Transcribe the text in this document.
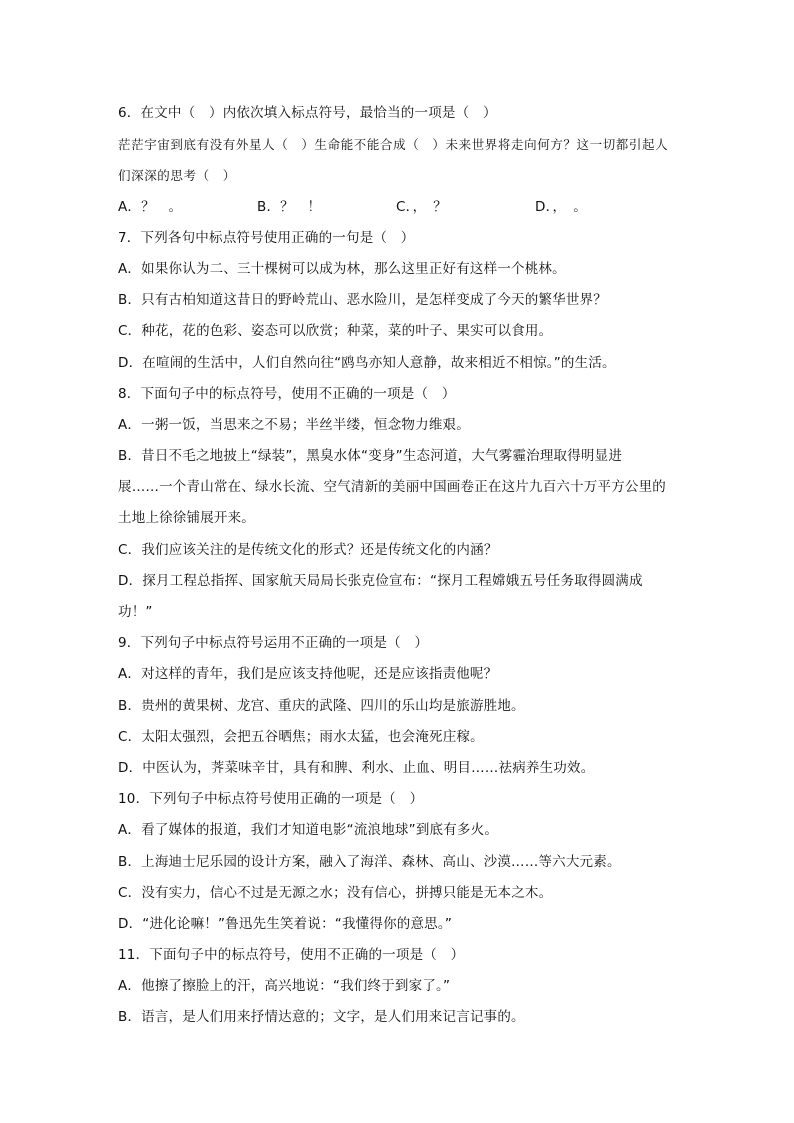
6．在文中（　）内依次填入标点符号，最恰当的一项是（　）
茫茫宇宙到底有没有外星人（　）生命能不能合成（　）未来世界将走向何方？这一切都引起人
们深深的思考（　）
A．？　。	B．？　！	C．，　？	D．，　。
7．下列各句中标点符号使用正确的一句是（　）
A．如果你认为二、三十棵树可以成为林，那么这里正好有这样一个桃林。
B．只有古柏知道这昔日的野岭荒山、恶水险川，是怎样变成了今天的繁华世界？
C．种花，花的色彩、姿态可以欣赏；种菜，菜的叶子、果实可以食用。
D．在喧闹的生活中，人们自然向往“鸥鸟亦知人意静，故来相近不相惊。”的生活。
8．下面句子中的标点符号，使用不正确的一项是（　）
A．一粥一饭，当思来之不易；半丝半缕，恒念物力维艰。
B．昔日不毛之地披上“绿装”，黑臭水体“变身”生态河道，大气雾霾治理取得明显进
展……一个青山常在、绿水长流、空气清新的美丽中国画卷正在这片九百六十万平方公里的
土地上徐徐铺展开来。
C．我们应该关注的是传统文化的形式？还是传统文化的内涵？
D．探月工程总指挥、国家航天局局长张克俭宣布：“探月工程嫦娥五号任务取得圆满成
功！”
9．下列句子中标点符号运用不正确的一项是（　）
A．对这样的青年，我们是应该支持他呢，还是应该指责他呢？
B．贵州的黄果树、龙宫、重庆的武隆、四川的乐山均是旅游胜地。
C．太阳太强烈，会把五谷晒焦；雨水太猛，也会淹死庄稼。
D．中医认为，荠菜味辛甘，具有和脾、利水、止血、明目……祛病养生功效。
10．下列句子中标点符号使用正确的一项是（　）
A．看了媒体的报道，我们才知道电影“流浪地球”到底有多火。
B．上海迪士尼乐园的设计方案，融入了海洋、森林、高山、沙漠……等六大元素。
C．没有实力，信心不过是无源之水；没有信心，拼搏只能是无本之木。
D．“进化论嘛！”鲁迅先生笑着说：“我懂得你的意思。”
11．下面句子中的标点符号，使用不正确的一项是（　）
A．他擦了擦脸上的汗，高兴地说：“我们终于到家了。”
B．语言，是人们用来抒情达意的；文字，是人们用来记言记事的。
